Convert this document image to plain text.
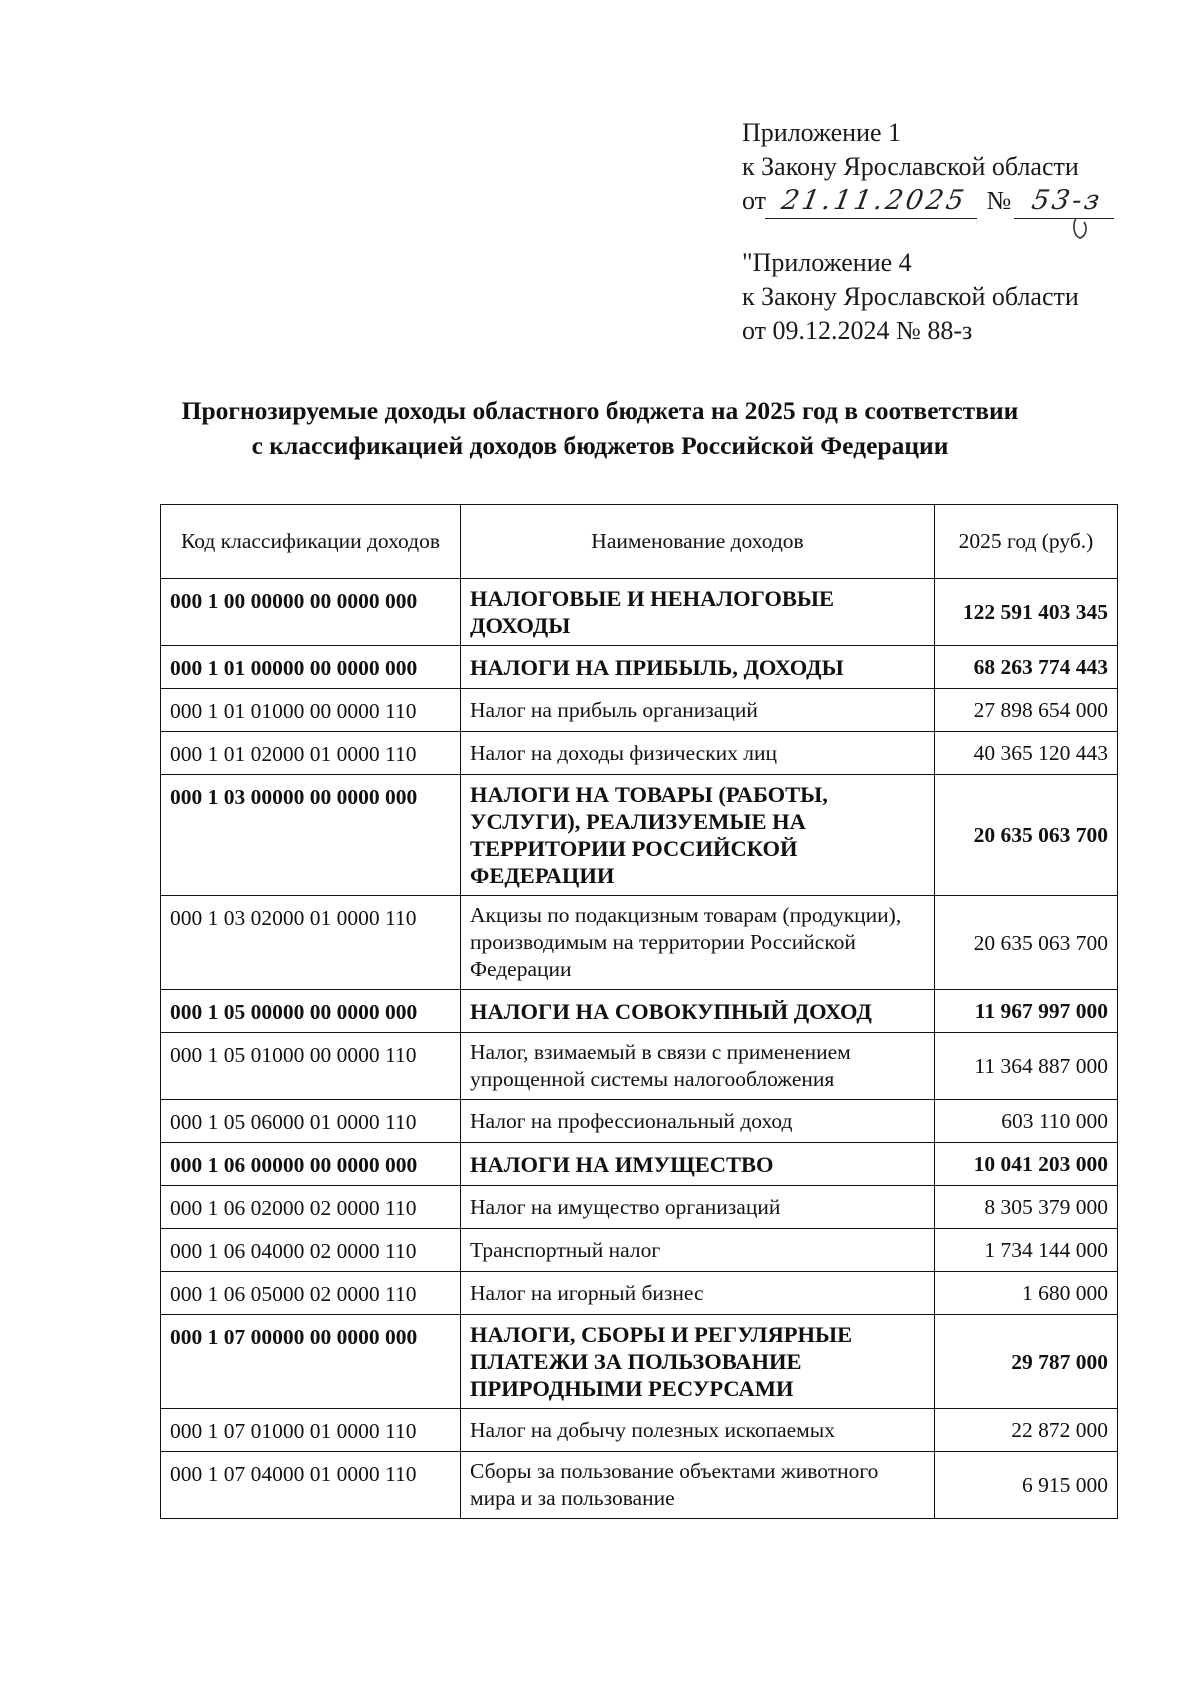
Приложение 1
к Закону Ярославской области
от 21.11.2025 № 53-з
"Приложение 4
к Закону Ярославской области
от 09.12.2024 № 88-з
Прогнозируемые доходы областного бюджета на 2025 год в соответствии
с классификацией доходов бюджетов Российской Федерации
Код классификации доходов	Наименование доходов	2025 год (руб.)
000 1 00 00000 00 0000 000	НАЛОГОВЫЕ И НЕНАЛОГОВЫЕ ДОХОДЫ	122 591 403 345
000 1 01 00000 00 0000 000	НАЛОГИ НА ПРИБЫЛЬ, ДОХОДЫ	68 263 774 443
000 1 01 01000 00 0000 110	Налог на прибыль организаций	27 898 654 000
000 1 01 02000 01 0000 110	Налог на доходы физических лиц	40 365 120 443
000 1 03 00000 00 0000 000	НАЛОГИ НА ТОВАРЫ (РАБОТЫ, УСЛУГИ), РЕАЛИЗУЕМЫЕ НА ТЕРРИТОРИИ РОССИЙСКОЙ ФЕДЕРАЦИИ	20 635 063 700
000 1 03 02000 01 0000 110	Акцизы по подакцизным товарам (продукции), производимым на территории Российской Федерации	20 635 063 700
000 1 05 00000 00 0000 000	НАЛОГИ НА СОВОКУПНЫЙ ДОХОД	11 967 997 000
000 1 05 01000 00 0000 110	Налог, взимаемый в связи с применением упрощенной системы налогообложения	11 364 887 000
000 1 05 06000 01 0000 110	Налог на профессиональный доход	603 110 000
000 1 06 00000 00 0000 000	НАЛОГИ НА ИМУЩЕСТВО	10 041 203 000
000 1 06 02000 02 0000 110	Налог на имущество организаций	8 305 379 000
000 1 06 04000 02 0000 110	Транспортный налог	1 734 144 000
000 1 06 05000 02 0000 110	Налог на игорный бизнес	1 680 000
000 1 07 00000 00 0000 000	НАЛОГИ, СБОРЫ И РЕГУЛЯРНЫЕ ПЛАТЕЖИ ЗА ПОЛЬЗОВАНИЕ ПРИРОДНЫМИ РЕСУРСАМИ	29 787 000
000 1 07 01000 01 0000 110	Налог на добычу полезных ископаемых	22 872 000
000 1 07 04000 01 0000 110	Сборы за пользование объектами животного мира и за пользование	6 915 000
